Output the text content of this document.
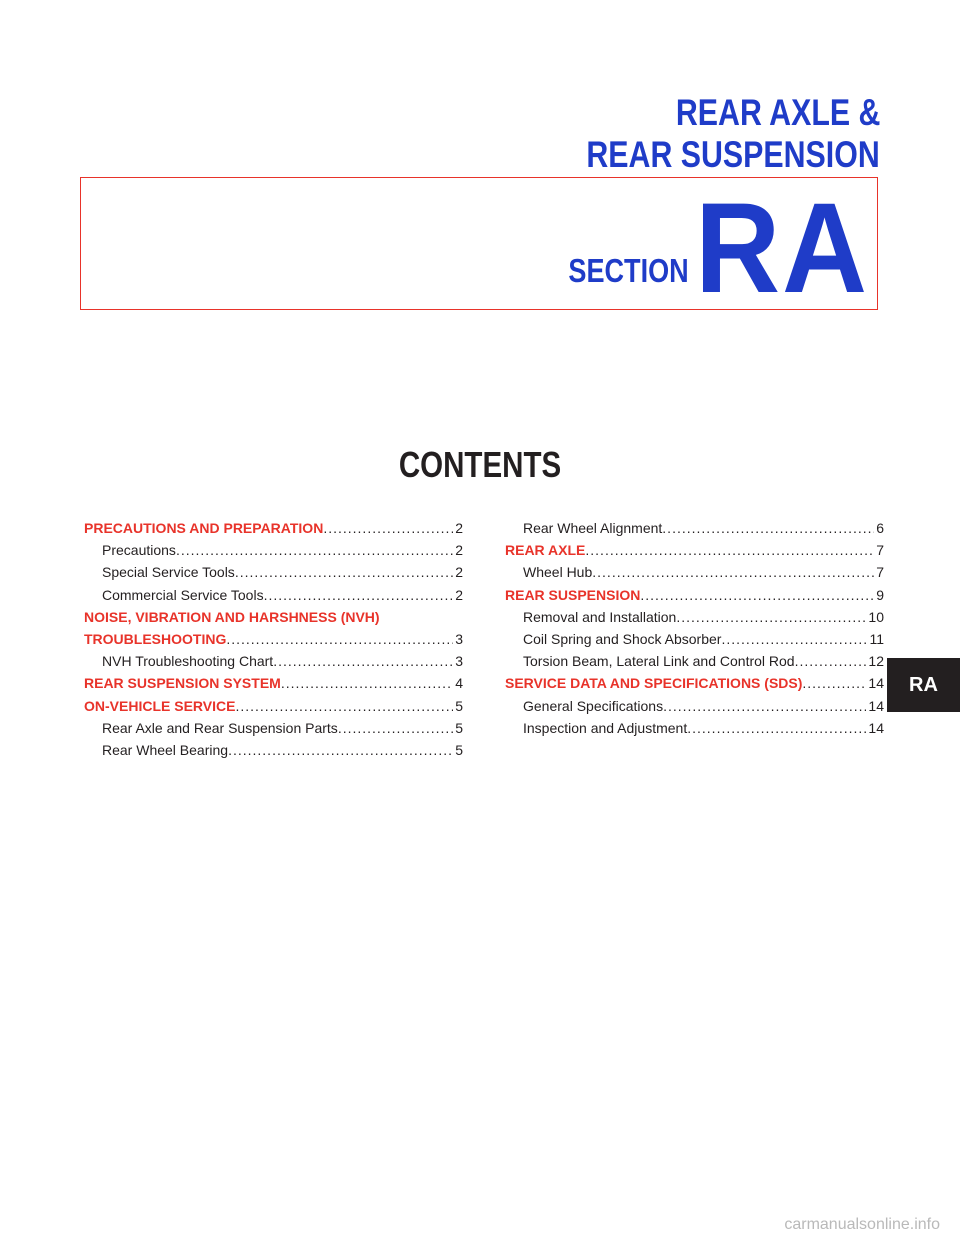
REAR AXLE &
REAR SUSPENSION
SECTION RA
CONTENTS
PRECAUTIONS AND PREPARATION .....	2
Precautions .....	2
Special Service Tools .....	2
Commercial Service Tools .....	2
NOISE, VIBRATION AND HARSHNESS (NVH)
TROUBLESHOOTING .....	3
NVH Troubleshooting Chart .....	3
REAR SUSPENSION SYSTEM .....	4
ON-VEHICLE SERVICE .....	5
Rear Axle and Rear Suspension Parts .....	5
Rear Wheel Bearing .....	5
Rear Wheel Alignment .....	6
REAR AXLE .....	7
Wheel Hub .....	7
REAR SUSPENSION .....	9
Removal and Installation .....	10
Coil Spring and Shock Absorber .....	11
Torsion Beam, Lateral Link and Control Rod .....	12
SERVICE DATA AND SPECIFICATIONS (SDS) .....	14
General Specifications .....	14
Inspection and Adjustment .....	14
RA
carmanualsonline.info
